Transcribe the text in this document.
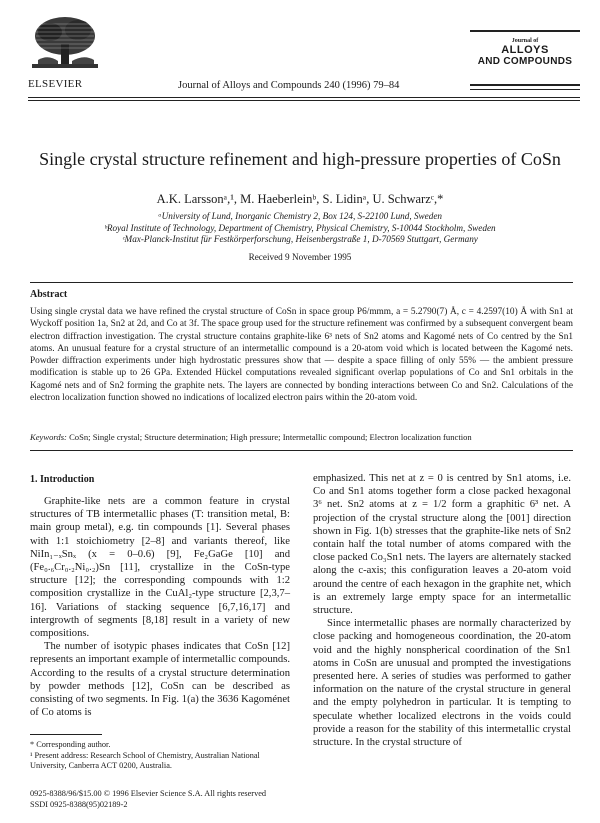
ELSEVIER	Journal of Alloys and Compounds 240 (1996) 79–84
Journal of
ALLOYS
AND COMPOUNDS
Single crystal structure refinement and high-pressure properties of CoSn
A.K. Larssonᵃ,¹, M. Haeberleinᵇ, S. Lidinᵃ, U. Schwarzᶜ,*
ᵃUniversity of Lund, Inorganic Chemistry 2, Box 124, S-22100 Lund, Sweden
ᵇRoyal Institute of Technology, Department of Chemistry, Physical Chemistry, S-10044 Stockholm, Sweden
ᶜMax-Planck-Institut für Festkörperforschung, Heisenbergstraße 1, D-70569 Stuttgart, Germany
Received 9 November 1995
Abstract
Using single crystal data we have refined the crystal structure of CoSn in space group P6/mmm, a = 5.2790(7) Å, c = 4.2597(10) Å with Sn1 at Wyckoff position 1a, Sn2 at 2d, and Co at 3f. The space group used for the structure refinement was confirmed by a subsequent convergent beam electron diffraction investigation. The crystal structure contains graphite-like 6³ nets of Sn2 atoms and Kagomé nets of Co centred by the Sn1 atoms. An unusual feature for a crystal structure of an intermetallic compound is a 20-atom void which is located between the Kagomé nets. Powder diffraction experiments under high hydrostatic pressures show that — despite a space filling of only 55% — the ambient pressure modification is stable up to 26 GPa. Extended Hückel computations revealed significant overlap populations of Co and Sn1 orbitals in the Kagomé nets and of Sn2 forming the graphite nets. The layers are connected by bonding interactions between Co and Sn2. Calculations of the electron localization function showed no indications of localized electron pairs within the 20-atom void.
Keywords: CoSn; Single crystal; Structure determination; High pressure; Intermetallic compound; Electron localization function
1. Introduction

Graphite-like nets are a common feature in crystal structures of TB intermetallic phases (T: transition metal, B: main group metal), e.g. tin compounds [1]. Several phases with 1:1 stoichiometry [2–8] and variants thereof, like NiIn₁₋ₓSnₓ (x = 0–0.6) [9], Fe₂GaGe [10] and (Fe₀.₆Cr₀.₂Ni₀.₂)Sn [11], crystallize in the CoSn-type structure [12]; the corresponding compounds with 1:2 composition crystallize in the CuAl₂-type structure [2,3,7–16]. Variations of stacking sequence [6,7,16,17] and intergrowth of segments [8,18] result in a variety of new compositions.

The number of isotypic phases indicates that CoSn [12] represents an important example of intermetallic compounds. According to the results of a crystal structure determination by powder methods [12], CoSn can be described as consisting of two segments. In Fig. 1(a) the 3636 Kagoménet of Co atoms is

emphasized. This net at z = 0 is centred by Sn1 atoms, i.e. Co and Sn1 atoms together form a close packed hexagonal 3⁶ net. Sn2 atoms at z = 1/2 form a graphitic 6³ net. A projection of the crystal structure along the [001] direction shown in Fig. 1(b) stresses that the graphite-like nets of Sn2 contain half the total number of atoms compared with the close packed Co₃Sn1 nets. The layers are alternately stacked along the c-axis; this configuration leaves a 20-atom void around the centre of each hexagon in the graphite net, which is an extremely large empty space for an intermetallic structure.

Since intermetallic phases are normally characterized by close packing and homogeneous coordination, the 20-atom void and the highly nonspherical coordination of the Sn1 atoms in CoSn are unusual and prompted the investigations presented here. A series of studies was performed to gather information on the nature of the crystal structure in general and the empty polyhedron in particular. It is tempting to speculate whether localized electrons in the voids could provide a reason for the stability of this intermetallic crystal structure. In the crystal structure of

* Corresponding author.
¹ Present address: Research School of Chemistry, Australian National University, Canberra ACT 0200, Australia.
0925-8388/96/$15.00 © 1996 Elsevier Science S.A. All rights reserved
SSDI 0925-8388(95)02189-2
